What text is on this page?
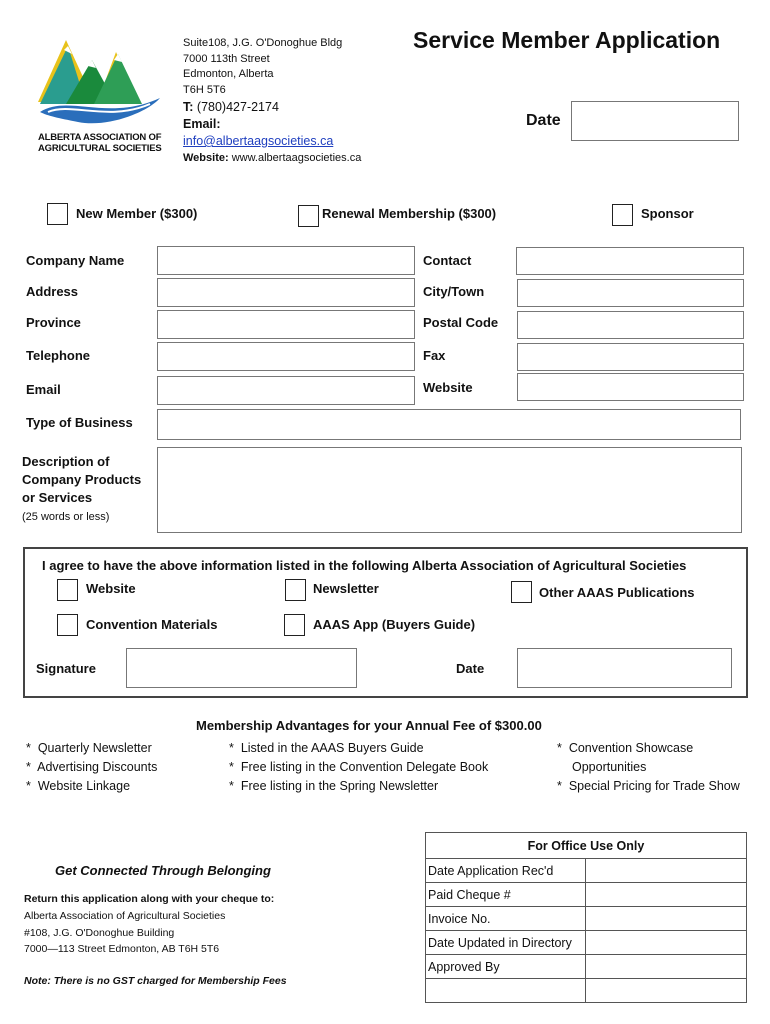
ALBERTA ASSOCIATION OF
AGRICULTURAL SOCIETIES
Suite108, J.G. O'Donoghue Bldg
7000 113th Street
Edmonton, Alberta
T6H 5T6
T: (780)427-2174
Email:
info@albertaagsocieties.ca
Website: www.albertaagsocieties.ca
Service Member Application
Date
New Member ($300)	Renewal Membership ($300)	Sponsor
Company Name	Contact
Address	City/Town
Province	Postal Code
Telephone	Fax
Email	Website
Type of Business
Description of
Company Products
or Services
(25 words or less)
I agree to have the above information listed in the following Alberta Association of Agricultural Societies
Website	Newsletter	Other AAAS Publications
Convention Materials	AAAS App (Buyers Guide)
Signature	Date
Membership Advantages for your Annual Fee of $300.00
* Quarterly Newsletter
* Advertising Discounts
* Website Linkage
* Listed in the AAAS Buyers Guide
* Free listing in the Convention Delegate Book
* Free listing in the Spring Newsletter
* Convention Showcase
Opportunities
* Special Pricing for Trade Show
Get Connected Through Belonging
Return this application along with your cheque to:
Alberta Association of Agricultural Societies
#108, J.G. O'Donoghue Building
7000—113 Street Edmonton, AB T6H 5T6
Note: There is no GST charged for Membership Fees
For Office Use Only	
Date Application Rec'd	
Paid Cheque #	
Invoice No.	
Date Updated in Directory	
Approved By	
